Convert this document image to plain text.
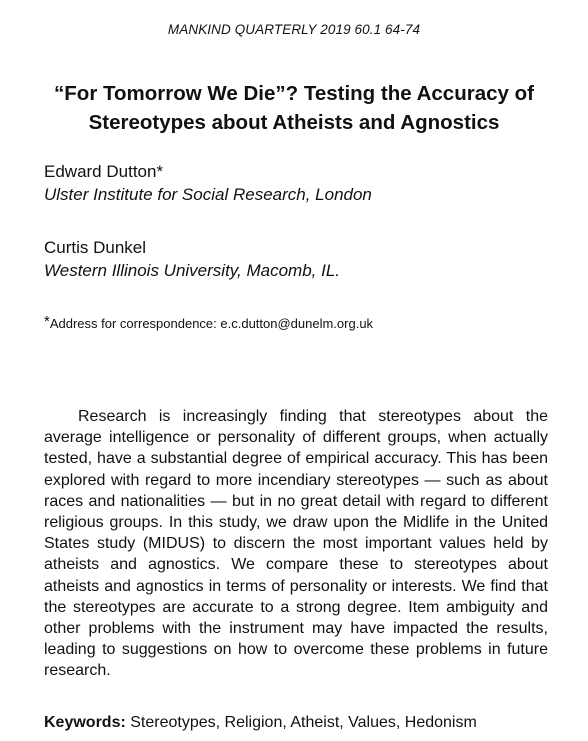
MANKIND QUARTERLY 2019 60.1 64-74
“For Tomorrow We Die”? Testing the Accuracy of
Stereotypes about Atheists and Agnostics
Edward Dutton*
Ulster Institute for Social Research, London
Curtis Dunkel
Western Illinois University, Macomb, IL.
*Address for correspondence: e.c.dutton@dunelm.org.uk

Research is increasingly finding that stereotypes about the average intelligence or personality of different groups, when actually tested, have a substantial degree of empirical accuracy. This has been explored with regard to more incendiary stereotypes — such as about races and nationalities — but in no great detail with regard to different religious groups. In this study, we draw upon the Midlife in the United States study (MIDUS) to discern the most important values held by atheists and agnostics. We compare these to stereotypes about atheists and agnostics in terms of personality or interests. We find that the stereotypes are accurate to a strong degree. Item ambiguity and other problems with the instrument may have impacted the results, leading to suggestions on how to overcome these problems in future research.

Keywords: Stereotypes, Religion, Atheist, Values, Hedonism
